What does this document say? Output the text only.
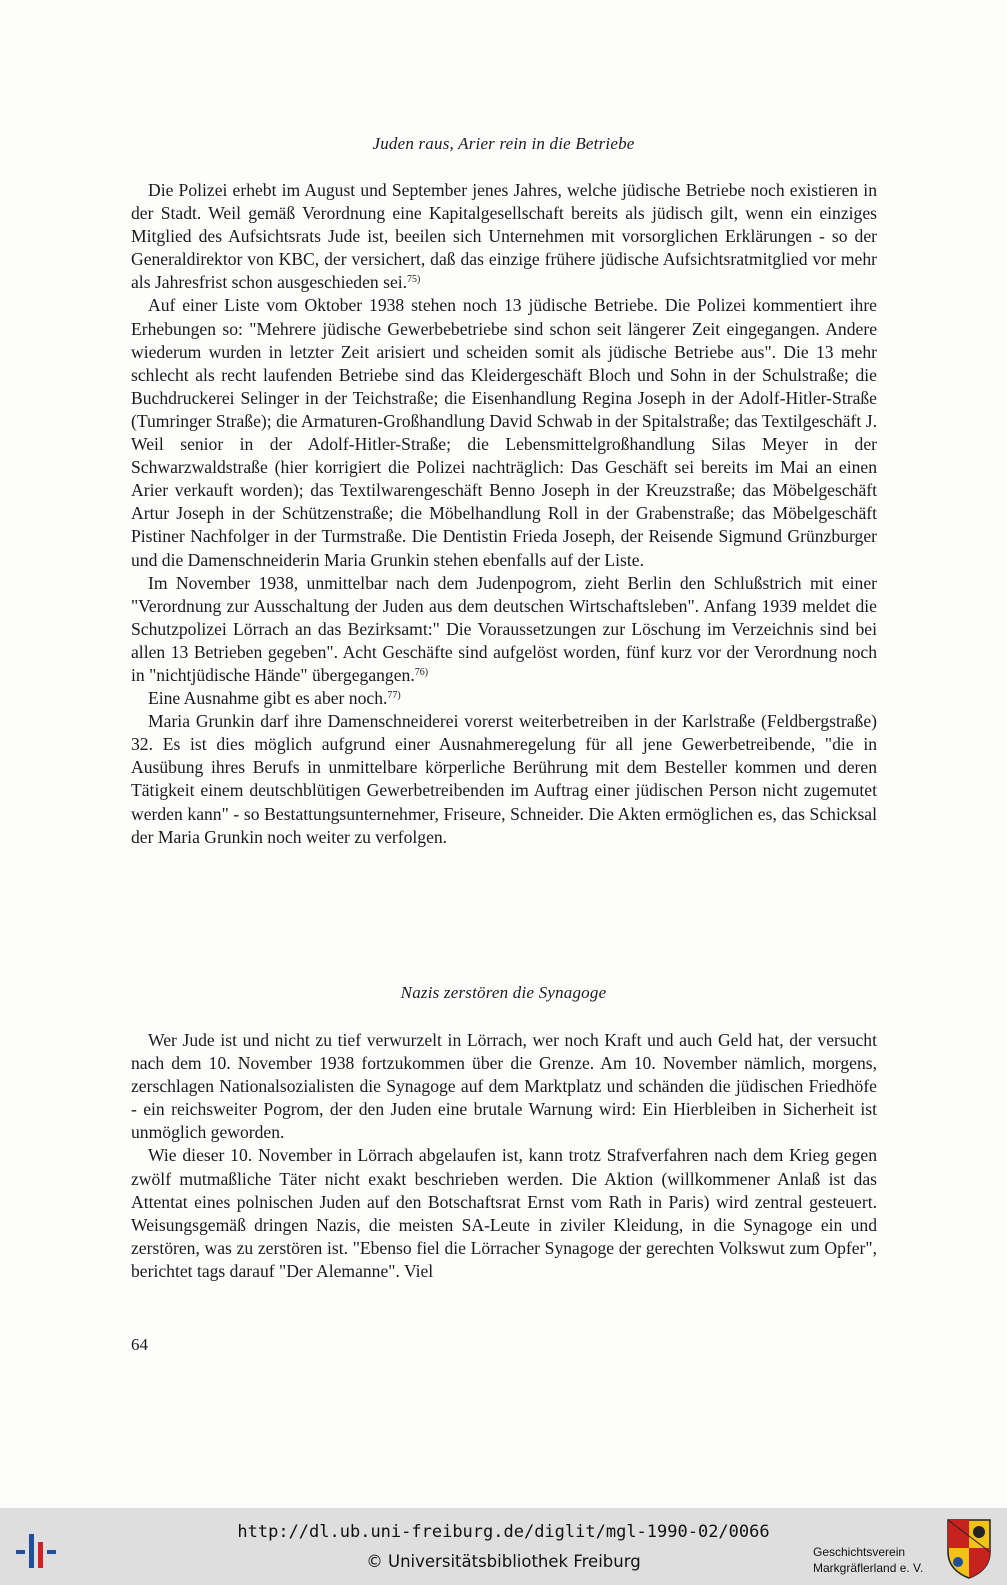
Juden raus, Arier rein in die Betriebe

Die Polizei erhebt im August und September jenes Jahres, welche jüdische Betriebe noch existieren in der Stadt. Weil gemäß Verordnung eine Kapitalgesellschaft bereits als jüdisch gilt, wenn ein einziges Mitglied des Aufsichtsrats Jude ist, beeilen sich Unternehmen mit vorsorglichen Erklärungen - so der Generaldirektor von KBC, der versichert, daß das einzige frühere jüdische Aufsichtsratmitglied vor mehr als Jahresfrist schon ausgeschieden sei.$^{75)}$

Auf einer Liste vom Oktober 1938 stehen noch 13 jüdische Betriebe. Die Polizei kommentiert ihre Erhebungen so: "Mehrere jüdische Gewerbebetriebe sind schon seit längerer Zeit eingegangen. Andere wiederum wurden in letzter Zeit arisiert und scheiden somit als jüdische Betriebe aus". Die 13 mehr schlecht als recht laufenden Betriebe sind das Kleidergeschäft Bloch und Sohn in der Schulstraße; die Buchdruckerei Selinger in der Teichstraße; die Eisenhandlung Regina Joseph in der Adolf-Hitler-Straße (Tumringer Straße); die Armaturen-Großhandlung David Schwab in der Spitalstraße; das Textilgeschäft J. Weil senior in der Adolf-Hitler-Straße; die Lebensmittelgroßhandlung Silas Meyer in der Schwarzwaldstraße (hier korrigiert die Polizei nachträglich: Das Geschäft sei bereits im Mai an einen Arier verkauft worden); das Textilwarengeschäft Benno Joseph in der Kreuzstraße; das Möbelgeschäft Artur Joseph in der Schützenstraße; die Möbelhandlung Roll in der Grabenstraße; das Möbelgeschäft Pistiner Nachfolger in der Turmstraße. Die Dentistin Frieda Joseph, der Reisende Sigmund Grünzburger und die Damenschneiderin Maria Grunkin stehen ebenfalls auf der Liste.

Im November 1938, unmittelbar nach dem Judenpogrom, zieht Berlin den Schlußstrich mit einer "Verordnung zur Ausschaltung der Juden aus dem deutschen Wirtschaftsleben". Anfang 1939 meldet die Schutzpolizei Lörrach an das Bezirksamt:" Die Voraussetzungen zur Löschung im Verzeichnis sind bei allen 13 Betrieben gegeben". Acht Geschäfte sind aufgelöst worden, fünf kurz vor der Verordnung noch in "nichtjüdische Hände" übergegangen.$^{76)}$

Eine Ausnahme gibt es aber noch.$^{77)}$

Maria Grunkin darf ihre Damenschneiderei vorerst weiterbetreiben in der Karlstraße (Feldbergstraße) 32. Es ist dies möglich aufgrund einer Ausnahmeregelung für all jene Gewerbetreibende, "die in Ausübung ihres Berufs in unmittelbare körperliche Berührung mit dem Besteller kommen und deren Tätigkeit einem deutschblütigen Gewerbetreibenden im Auftrag einer jüdischen Person nicht zugemutet werden kann" - so Bestattungsunternehmer, Friseure, Schneider. Die Akten ermöglichen es, das Schicksal der Maria Grunkin noch weiter zu verfolgen.

Nazis zerstören die Synagoge

Wer Jude ist und nicht zu tief verwurzelt in Lörrach, wer noch Kraft und auch Geld hat, der versucht nach dem 10. November 1938 fortzukommen über die Grenze. Am 10. November nämlich, morgens, zerschlagen Nationalsozialisten die Synagoge auf dem Marktplatz und schänden die jüdischen Friedhöfe - ein reichsweiter Pogrom, der den Juden eine brutale Warnung wird: Ein Hierbleiben in Sicherheit ist unmöglich geworden.

Wie dieser 10. November in Lörrach abgelaufen ist, kann trotz Strafverfahren nach dem Krieg gegen zwölf mutmaßliche Täter nicht exakt beschrieben werden. Die Aktion (willkommener Anlaß ist das Attentat eines polnischen Juden auf den Botschaftsrat Ernst vom Rath in Paris) wird zentral gesteuert. Weisungsgemäß dringen Nazis, die meisten SA-Leute in ziviler Kleidung, in die Synagoge ein und zerstören, was zu zerstören ist. "Ebenso fiel die Lörracher Synagoge der gerechten Volkswut zum Opfer", berichtet tags darauf "Der Alemanne". Viel

64
http://dl.ub.uni-freiburg.de/diglit/mgl-1990-02/0066
© Universitätsbibliothek Freiburg	Geschichtsverein
Markgräflerland e. V.
